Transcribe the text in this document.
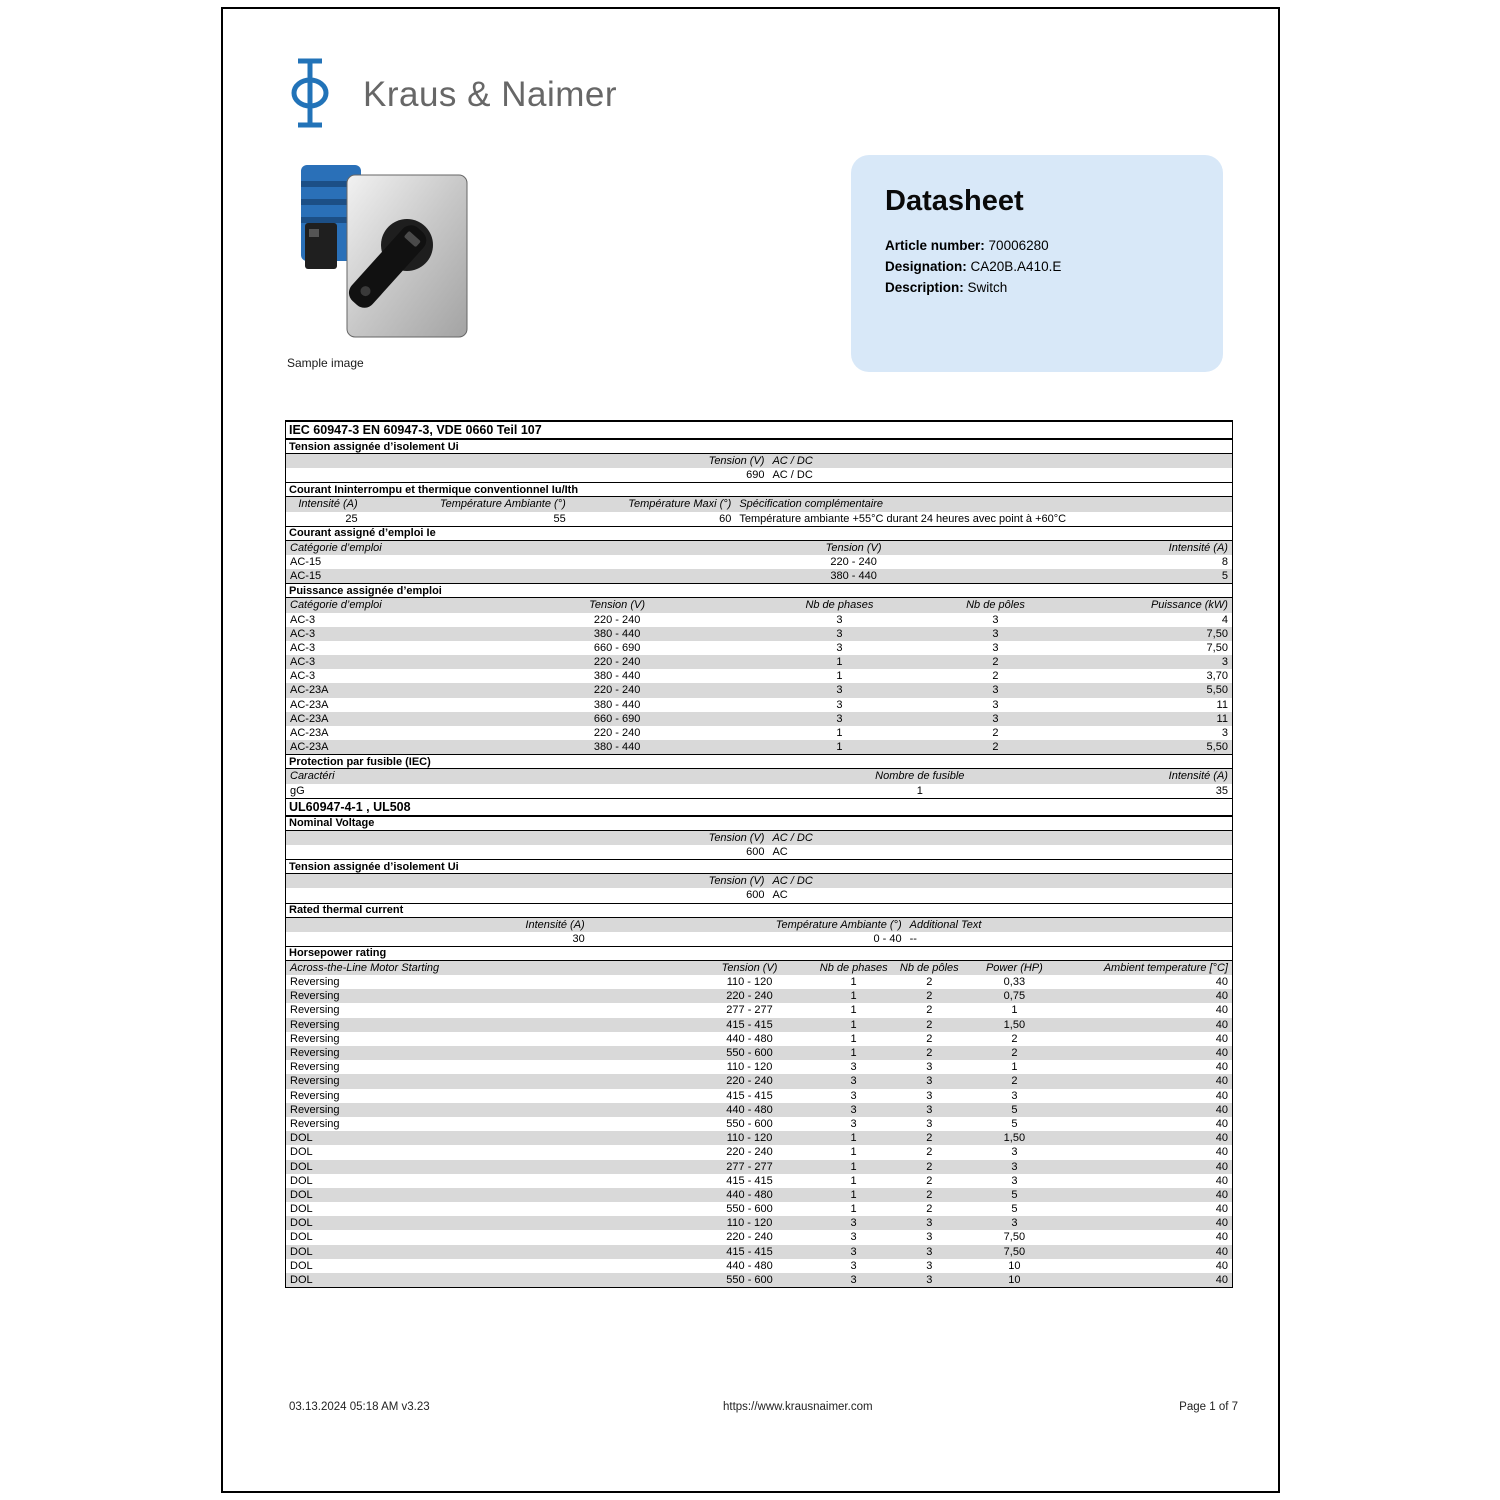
Kraus & Naimer
Sample image
Datasheet
Article number: 70006280
Designation: CA20B.A410.E
Description: Switch
IEC 60947-3 EN 60947-3, VDE 0660 Teil 107
Tension assignée d’isolement Ui
Tension (V) AC / DC
690 AC / DC
Courant Ininterrompu et thermique conventionnel Iu/Ith
Intensité (A)	Température Ambiante (°)	Température Maxi (°) Spécification complémentaire
25	55	60 Température ambiante +55°C durant 24 heures avec point à +60°C
Courant assigné d’emploi Ie
Catégorie d’emploi	Tension (V)	Intensité (A)
AC-15	220 - 240	8
AC-15	380 - 440	5
Puissance assignée d’emploi
Catégorie d’emploi	Tension (V)	Nb de phases	Nb de pôles	Puissance (kW)
AC-3	220 - 240	3	3	4
AC-3	380 - 440	3	3	7,50
AC-3	660 - 690	3	3	7,50
AC-3	220 - 240	1	2	3
AC-3	380 - 440	1	2	3,70
AC-23A	220 - 240	3	3	5,50
AC-23A	380 - 440	3	3	11
AC-23A	660 - 690	3	3	11
AC-23A	220 - 240	1	2	3
AC-23A	380 - 440	1	2	5,50
Protection par fusible (IEC)
Caractéri	Nombre de fusible	Intensité (A)
gG	1	35
UL60947-4-1 , UL508
Nominal Voltage
Tension (V) AC / DC
600 AC
Tension assignée d’isolement Ui
Tension (V) AC / DC
600 AC
Rated thermal current
Intensité (A)	Température Ambiante (°) Additional Text
30	0 - 40 --
Horsepower rating
Across-the-Line Motor Starting	Tension (V)	Nb de phases	Nb de pôles	Power (HP)	Ambient temperature [°C]
Reversing	110 - 120	1	2	0,33	40
Reversing	220 - 240	1	2	0,75	40
Reversing	277 - 277	1	2	1	40
Reversing	415 - 415	1	2	1,50	40
Reversing	440 - 480	1	2	2	40
Reversing	550 - 600	1	2	2	40
Reversing	110 - 120	3	3	1	40
Reversing	220 - 240	3	3	2	40
Reversing	415 - 415	3	3	3	40
Reversing	440 - 480	3	3	5	40
Reversing	550 - 600	3	3	5	40
DOL	110 - 120	1	2	1,50	40
DOL	220 - 240	1	2	3	40
DOL	277 - 277	1	2	3	40
DOL	415 - 415	1	2	3	40
DOL	440 - 480	1	2	5	40
DOL	550 - 600	1	2	5	40
DOL	110 - 120	3	3	3	40
DOL	220 - 240	3	3	7,50	40
DOL	415 - 415	3	3	7,50	40
DOL	440 - 480	3	3	10	40
DOL	550 - 600	3	3	10	40
03.13.2024 05:18 AM v3.23	https://www.krausnaimer.com	Page 1 of 7
